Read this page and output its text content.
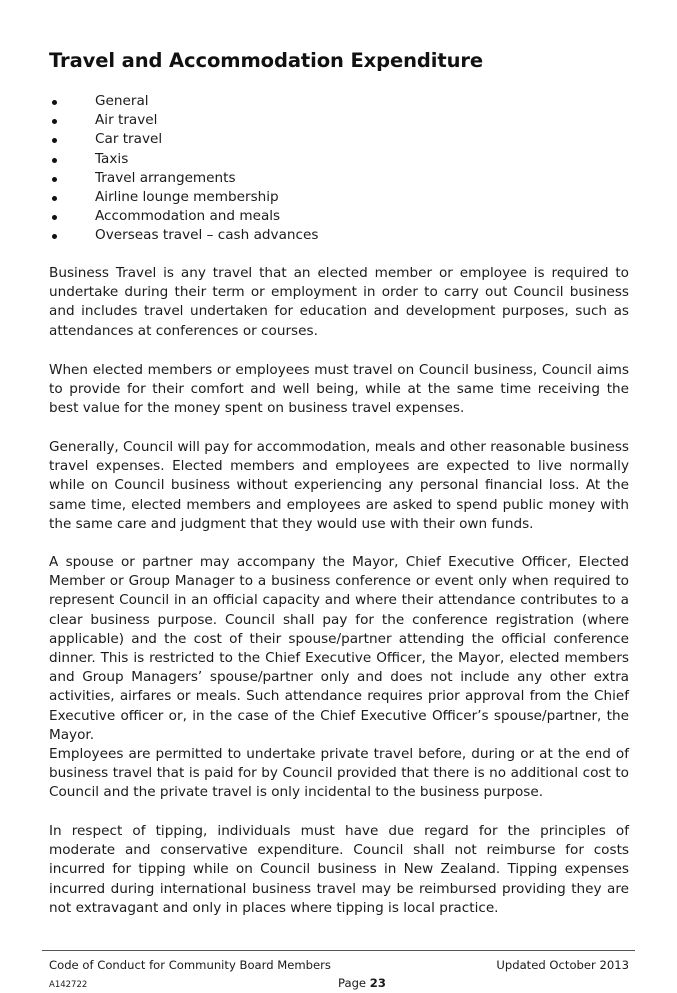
Travel and Accommodation Expenditure
General
Air travel
Car travel
Taxis
Travel arrangements
Airline lounge membership
Accommodation and meals
Overseas travel – cash advances

Business Travel is any travel that an elected member or employee is required to undertake during their term or employment in order to carry out Council business and includes travel undertaken for education and development purposes, such as attendances at conferences or courses.

When elected members or employees must travel on Council business, Council aims to provide for their comfort and well being, while at the same time receiving the best value for the money spent on business travel expenses.

Generally, Council will pay for accommodation, meals and other reasonable business travel expenses. Elected members and employees are expected to live normally while on Council business without experiencing any personal financial loss. At the same time, elected members and employees are asked to spend public money with the same care and judgment that they would use with their own funds.

A spouse or partner may accompany the Mayor, Chief Executive Officer, Elected Member or Group Manager to a business conference or event only when required to represent Council in an official capacity and where their attendance contributes to a clear business purpose. Council shall pay for the conference registration (where applicable) and the cost of their spouse/partner attending the official conference dinner. This is restricted to the Chief Executive Officer, the Mayor, elected members and Group Managers’ spouse/partner only and does not include any other extra activities, airfares or meals. Such attendance requires prior approval from the Chief Executive officer or, in the case of the Chief Executive Officer’s spouse/partner, the Mayor.

Employees are permitted to undertake private travel before, during or at the end of business travel that is paid for by Council provided that there is no additional cost to Council and the private travel is only incidental to the business purpose.

In respect of tipping, individuals must have due regard for the principles of moderate and conservative expenditure. Council shall not reimburse for costs incurred for tipping while on Council business in New Zealand. Tipping expenses incurred during international business travel may be reimbursed providing they are not extravagant and only in places where tipping is local practice.

Code of Conduct for Community Board Members	Updated October 2013
A142722	Page 23
